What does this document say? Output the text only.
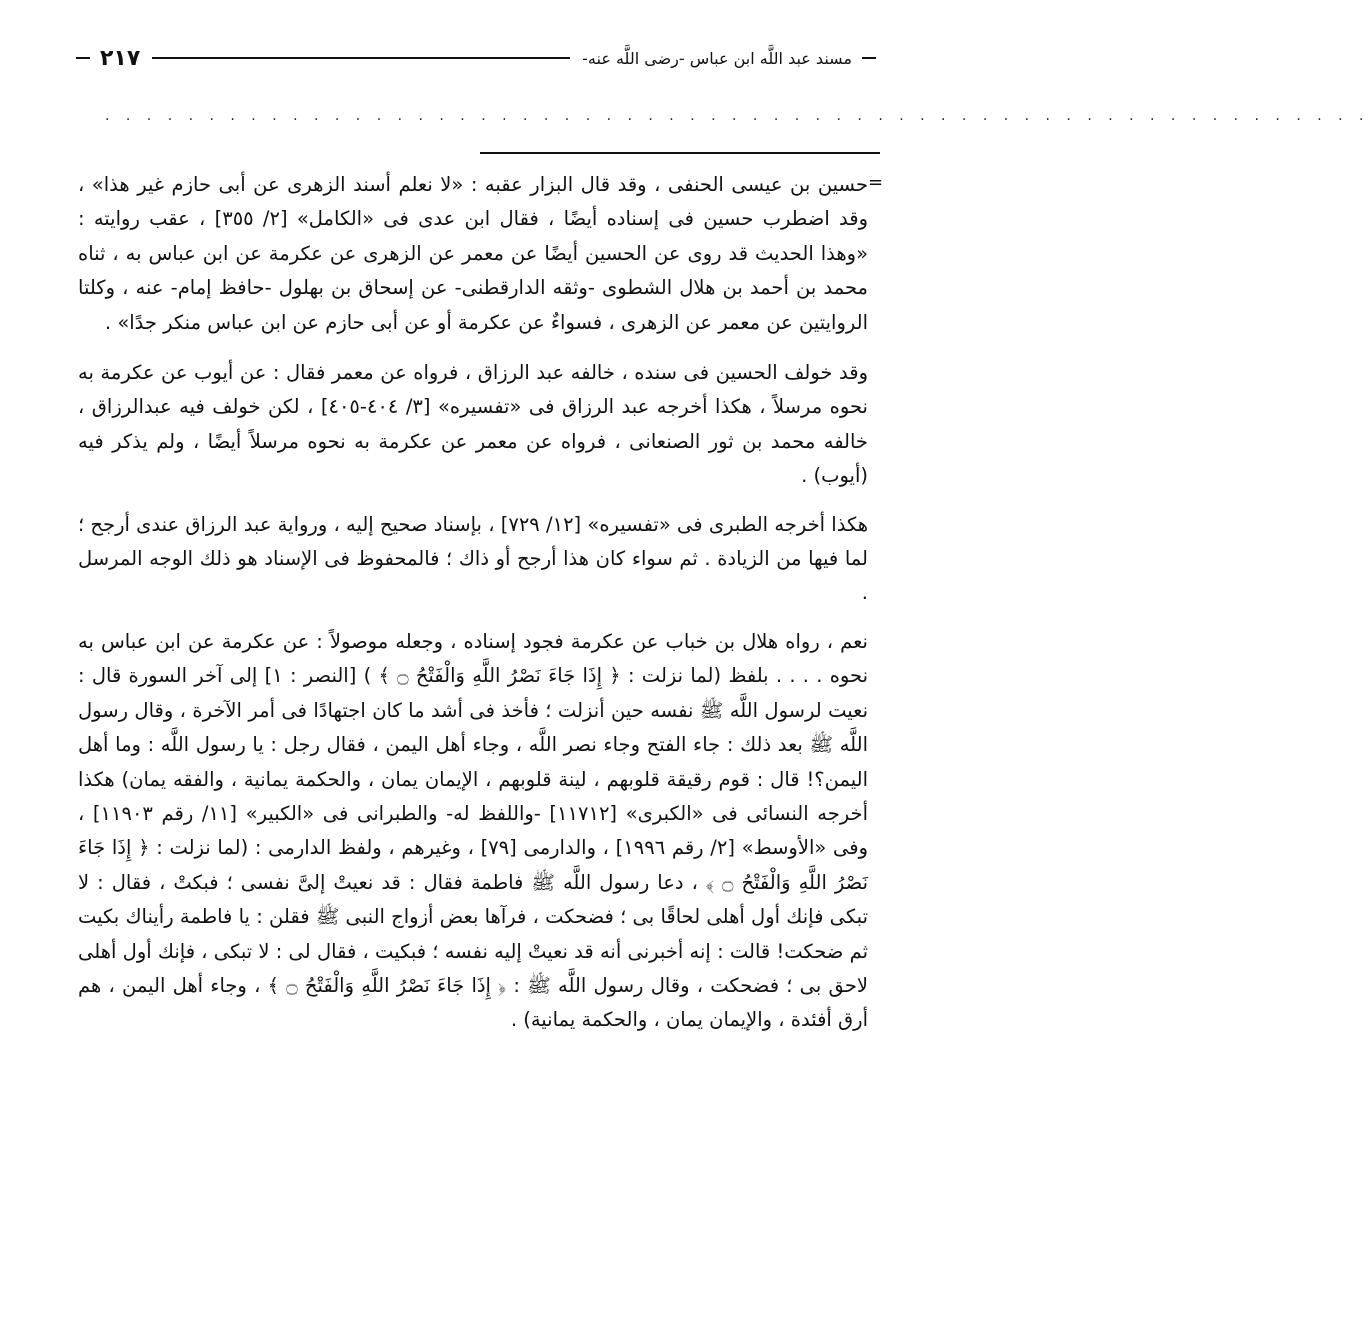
مسند عبد اللَّه ابن عباس -رضى اللَّه عنه-
٢١٧
. . . . . . . . . . . . . . . . . . . . . . . . . . . . . . . . . . . . . . . . . . . . . . . . . . . . . . . . . . . . .
=

حسين بن عيسى الحنفى ، وقد قال البزار عقبه : «لا نعلم أسند الزهرى عن أبى حازم غير هذا» ، وقد اضطرب حسين فى إسناده أيضًا ، فقال ابن عدى فى «الكامل» [٢/ ٣٥٥] ، عقب روايته : «وهذا الحديث قد روى عن الحسين أيضًا عن معمر عن الزهرى عن عكرمة عن ابن عباس به ، ثناه محمد بن أحمد بن هلال الشطوى -وثقه الدارقطنى- عن إسحاق بن بهلول -حافظ إمام- عنه ، وكلتا الروايتين عن معمر عن الزهرى ، فسواءٌ عن عكرمة أو عن أبى حازم عن ابن عباس منكر جدًا» .

وقد خولف الحسين فى سنده ، خالفه عبد الرزاق ، فرواه عن معمر فقال : عن أيوب عن عكرمة به نحوه مرسلاً ، هكذا أخرجه عبد الرزاق فى «تفسيره» [٣/ ٤٠٤-٤٠٥] ، لكن خولف فيه عبدالرزاق ، خالفه محمد بن ثور الصنعانى ، فرواه عن معمر عن عكرمة به نحوه مرسلاً أيضًا ، ولم يذكر فيه (أيوب) .

هكذا أخرجه الطبرى فى «تفسيره» [١٢/ ٧٢٩] ، بإسناد صحيح إليه ، ورواية عبد الرزاق عندى أرجح ؛ لما فيها من الزيادة . ثم سواء كان هذا أرجح أو ذاك ؛ فالمحفوظ فى الإسناد هو ذلك الوجه المرسل .

نعم ، رواه هلال بن خباب عن عكرمة فجود إسناده ، وجعله موصولاً : عن عكرمة عن ابن عباس به نحوه . . . . بلفظ (لما نزلت : ﴿ إِذَا جَاءَ نَصْرُ اللَّهِ وَالْفَتْحُ ۝ ﴾ ) [النصر : ١] إلى آخر السورة قال : نعيت لرسول اللَّه ﷺ نفسه حين أنزلت ؛ فأخذ فى أشد ما كان اجتهادًا فى أمر الآخرة ، وقال رسول اللَّه ﷺ بعد ذلك : جاء الفتح وجاء نصر اللَّه ، وجاء أهل اليمن ، فقال رجل : يا رسول اللَّه : وما أهل اليمن؟! قال : قوم رقيقة قلوبهم ، لينة قلوبهم ، الإيمان يمان ، والحكمة يمانية ، والفقه يمان) هكذا أخرجه النسائى فى «الكبرى» [١١٧١٢] -واللفظ له- والطبرانى فى «الكبير» [١١/ رقم ١١٩٠٣] ، وفى «الأوسط» [٢/ رقم ١٩٩٦] ، والدارمى [٧٩] ، وغيرهم ، ولفظ الدارمى : (لما نزلت : ﴿ إِذَا جَاءَ نَصْرُ اللَّهِ وَالْفَتْحُ ۝ ﴾ ، دعا رسول اللَّه ﷺ فاطمة فقال : قد نعيتْ إلىَّ نفسى ؛ فبكتْ ، فقال : لا تبكى فإنك أول أهلى لحاقًا بى ؛ فضحكت ، فرآها بعض أزواج النبى ﷺ فقلن : يا فاطمة رأيناك بكيت ثم ضحكت! قالت : إنه أخبرنى أنه قد نعيتْ إليه نفسه ؛ فبكيت ، فقال لى : لا تبكى ، فإنك أول أهلى لاحق بى ؛ فضحكت ، وقال رسول اللَّه ﷺ : ﴿ إِذَا جَاءَ نَصْرُ اللَّهِ وَالْفَتْحُ ۝ ﴾ ، وجاء أهل اليمن ، هم أرق أفئدة ، والإيمان يمان ، والحكمة يمانية) .
